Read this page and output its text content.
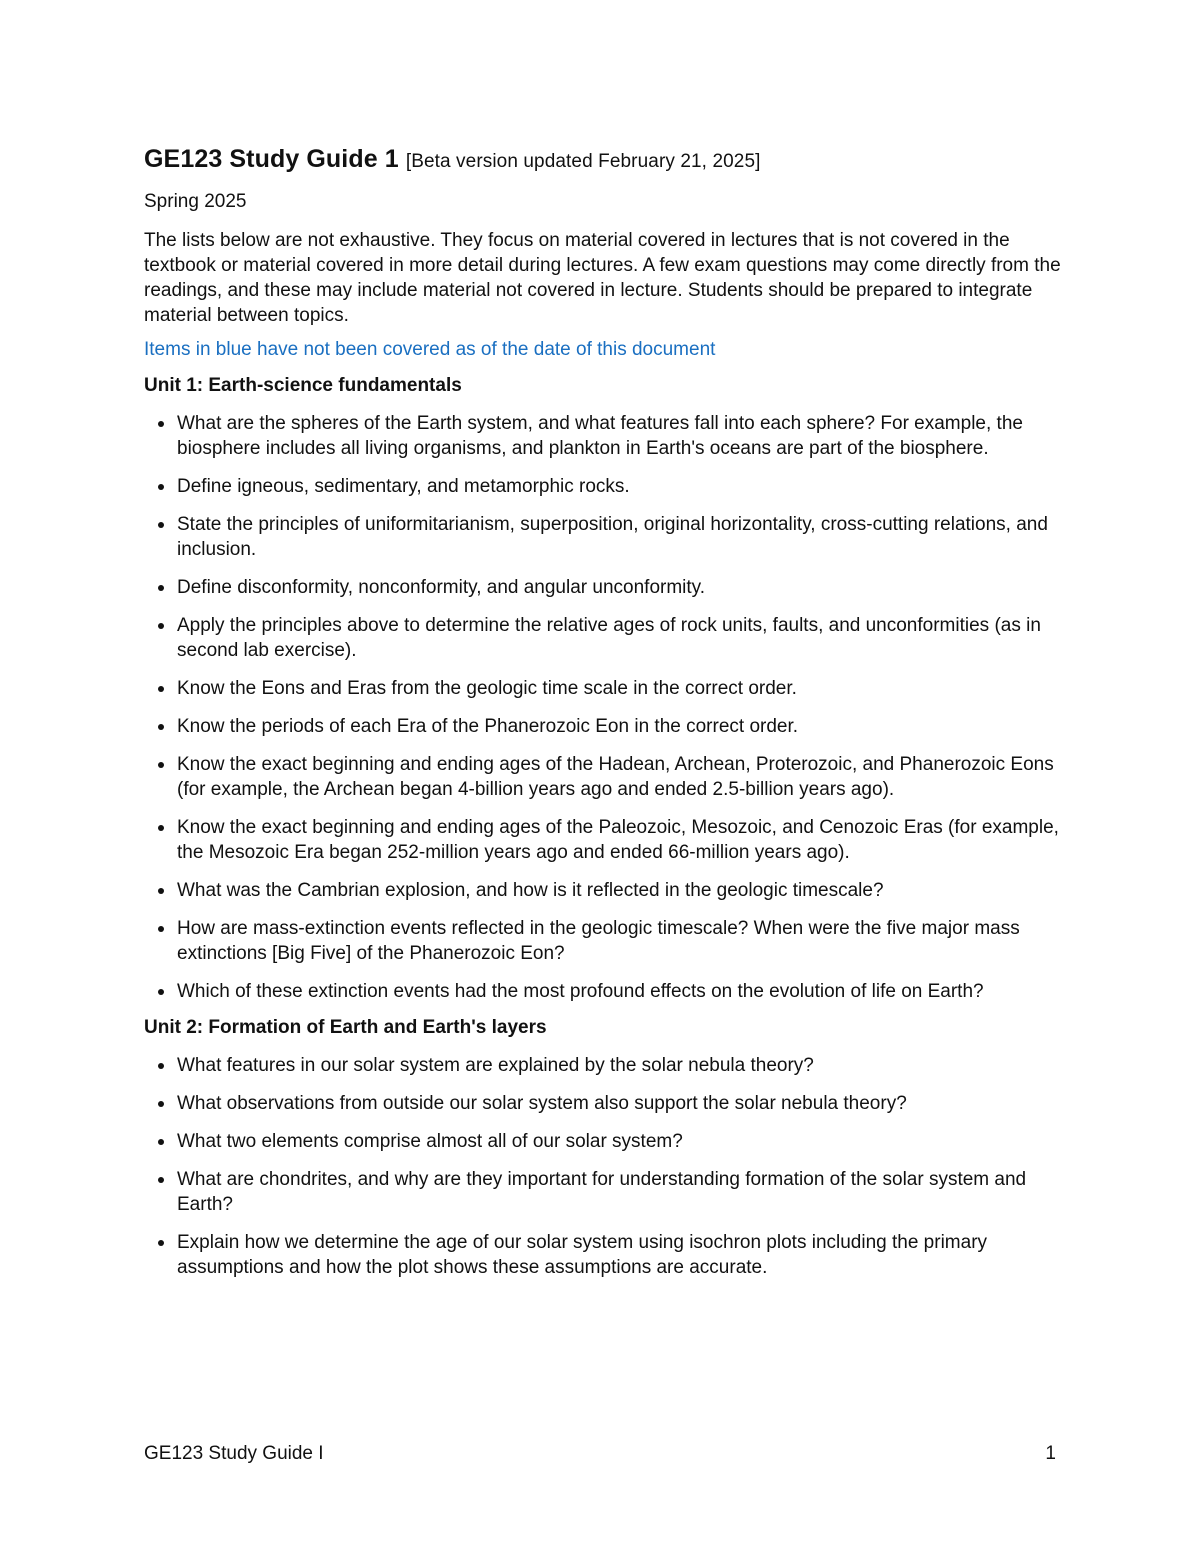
GE123 Study Guide 1 [Beta version updated February 21, 2025]

Spring 2025

The lists below are not exhaustive. They focus on material covered in lectures that is not covered in the textbook or material covered in more detail during lectures. A few exam questions may come directly from the readings, and these may include material not covered in lecture. Students should be prepared to integrate material between topics.

Items in blue have not been covered as of the date of this document

Unit 1: Earth-science fundamentals
What are the spheres of the Earth system, and what features fall into each sphere? For example, the biosphere includes all living organisms, and plankton in Earth's oceans are part of the biosphere.
Define igneous, sedimentary, and metamorphic rocks.
State the principles of uniformitarianism, superposition, original horizontality, cross-cutting relations, and inclusion.
Define disconformity, nonconformity, and angular unconformity.
Apply the principles above to determine the relative ages of rock units, faults, and unconformities (as in second lab exercise).
Know the Eons and Eras from the geologic time scale in the correct order.
Know the periods of each Era of the Phanerozoic Eon in the correct order.
Know the exact beginning and ending ages of the Hadean, Archean, Proterozoic, and Phanerozoic Eons (for example, the Archean began 4-billion years ago and ended 2.5-billion years ago).
Know the exact beginning and ending ages of the Paleozoic, Mesozoic, and Cenozoic Eras (for example, the Mesozoic Era began 252-million years ago and ended 66-million years ago).
What was the Cambrian explosion, and how is it reflected in the geologic timescale?
How are mass-extinction events reflected in the geologic timescale? When were the five major mass extinctions [Big Five] of the Phanerozoic Eon?
Which of these extinction events had the most profound effects on the evolution of life on Earth?
Unit 2: Formation of Earth and Earth's layers
What features in our solar system are explained by the solar nebula theory?
What observations from outside our solar system also support the solar nebula theory?
What two elements comprise almost all of our solar system?
What are chondrites, and why are they important for understanding formation of the solar system and Earth?
Explain how we determine the age of our solar system using isochron plots including the primary assumptions and how the plot shows these assumptions are accurate.
GE123 Study Guide I	1
